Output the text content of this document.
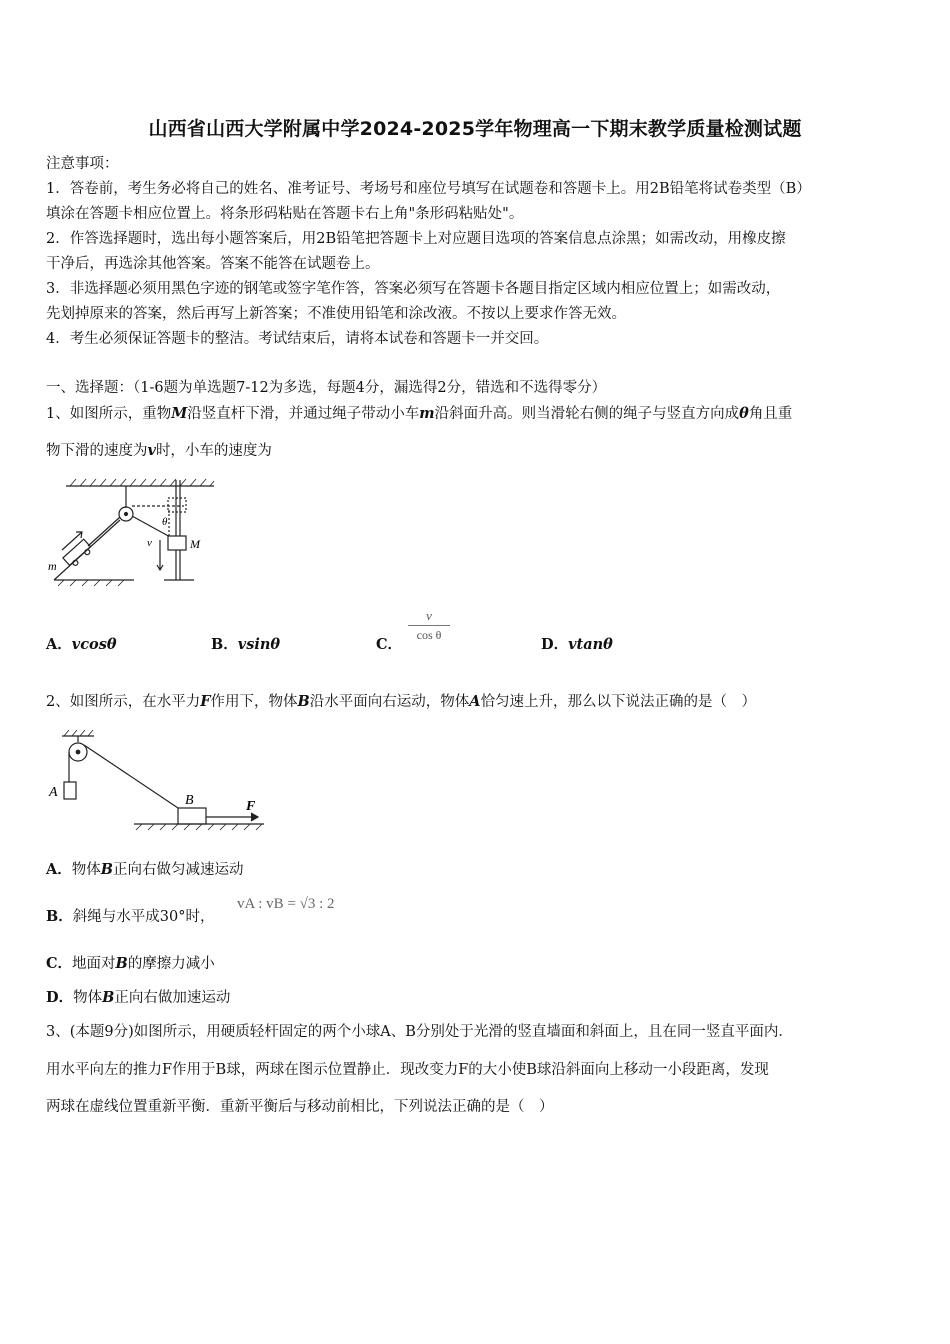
山西省山西大学附属中学2024-2025学年物理高一下期末教学质量检测试题
注意事项：
1．答卷前，考生务必将自己的姓名、准考证号、考场号和座位号填写在试题卷和答题卡上。用2B铅笔将试卷类型（B）
填涂在答题卡相应位置上。将条形码粘贴在答题卡右上角"条形码粘贴处"。
2．作答选择题时，选出每小题答案后，用2B铅笔把答题卡上对应题目选项的答案信息点涂黑；如需改动，用橡皮擦
干净后，再选涂其他答案。答案不能答在试题卷上。
3．非选择题必须用黑色字迹的钢笔或签字笔作答，答案必须写在答题卡各题目指定区域内相应位置上；如需改动，
先划掉原来的答案，然后再写上新答案；不准使用铅笔和涂改液。不按以上要求作答无效。
4．考生必须保证答题卡的整洁。考试结束后，请将本试卷和答题卡一并交回。
一、选择题：（1-6题为单选题7-12为多选，每题4分，漏选得2分，错选和不选得零分）
1、如图所示，重物M沿竖直杆下滑，并通过绳子带动小车m沿斜面升高。则当滑轮右侧的绳子与竖直方向成θ角且重
物下滑的速度为v时，小车的速度为
m
M
θ
v
A．vcosθ	B．vsinθ	C．
v
cos θ
D．vtanθ
2、如图所示，在水平力F作用下，物体B沿水平面向右运动，物体A恰匀速上升，那么以下说法正确的是（　）
A
B	F
A．物体B正向右做匀减速运动
B．斜绳与水平成30°时，
vA : vB = √3 : 2
C．地面对B的摩擦力减小
D．物体B正向右做加速运动
3、(本题9分)如图所示，用硬质轻杆固定的两个小球A、B分别处于光滑的竖直墙面和斜面上，且在同一竖直平面内．
用水平向左的推力F作用于B球，两球在图示位置静止．现改变力F的大小使B球沿斜面向上移动一小段距离，发现
两球在虚线位置重新平衡．重新平衡后与移动前相比，下列说法正确的是（　）
